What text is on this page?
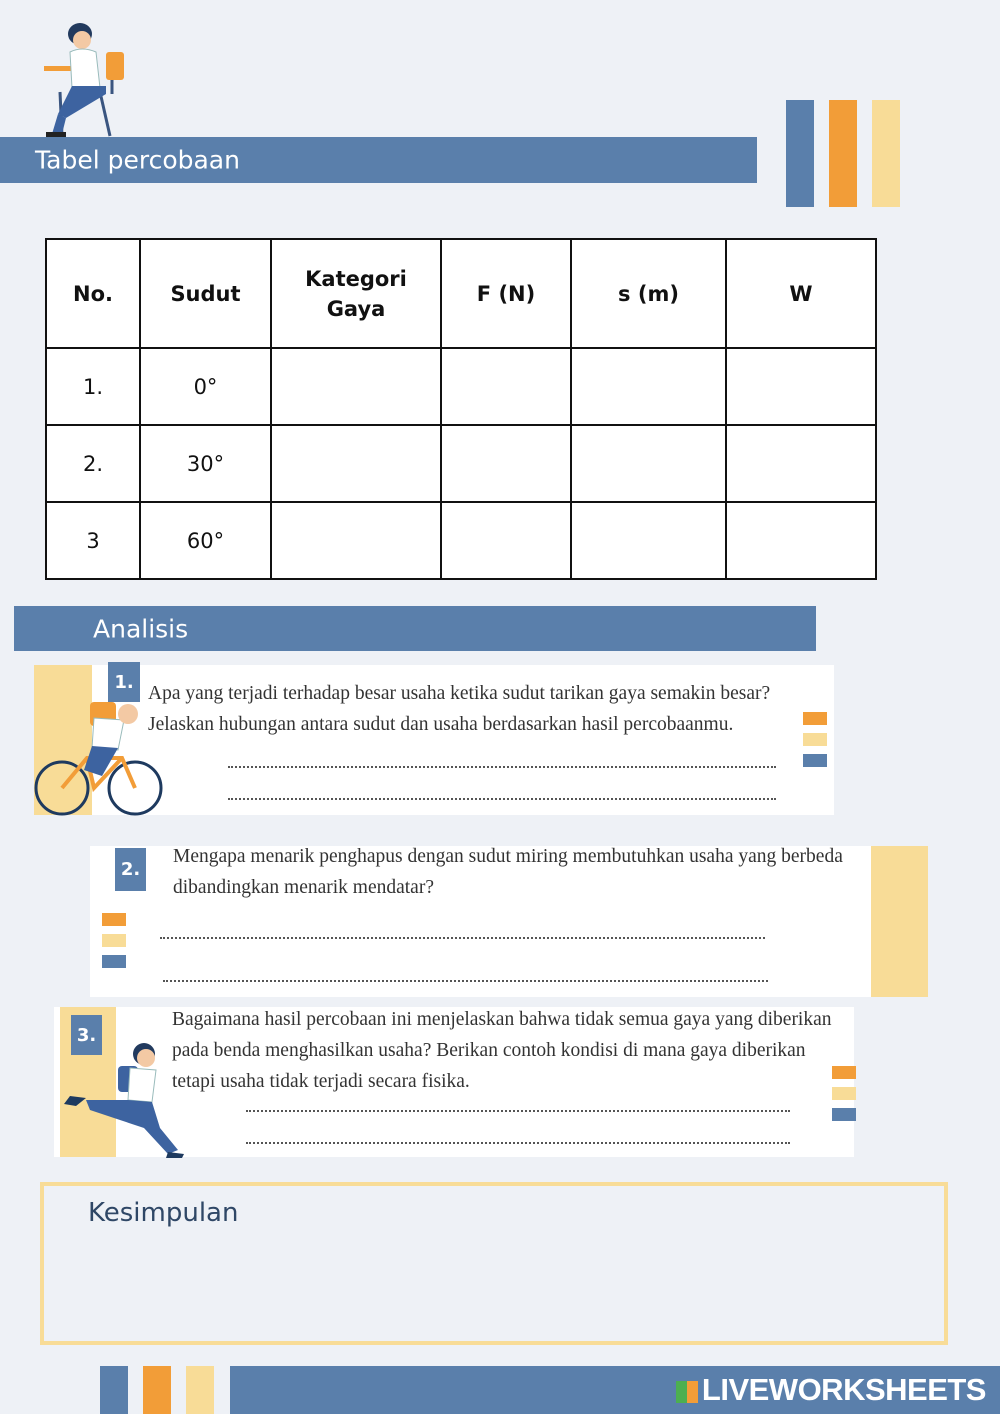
Tabel percobaan
No.	Sudut	Kategori Gaya	F (N)	s (m)	W
1.	0°				
2.	30°				
3	60°				
Analisis
1.
Apa yang terjadi terhadap besar usaha ketika sudut tarikan gaya semakin besar?
Jelaskan hubungan antara sudut dan usaha berdasarkan hasil percobaanmu.
2.
Mengapa menarik penghapus dengan sudut miring membutuhkan usaha yang berbeda
dibandingkan menarik mendatar?
3.
Bagaimana hasil percobaan ini menjelaskan bahwa tidak semua gaya yang diberikan
pada benda menghasilkan usaha? Berikan contoh kondisi di mana gaya diberikan
tetapi usaha tidak terjadi secara fisika.
Kesimpulan
LIVEWORKSHEETS
